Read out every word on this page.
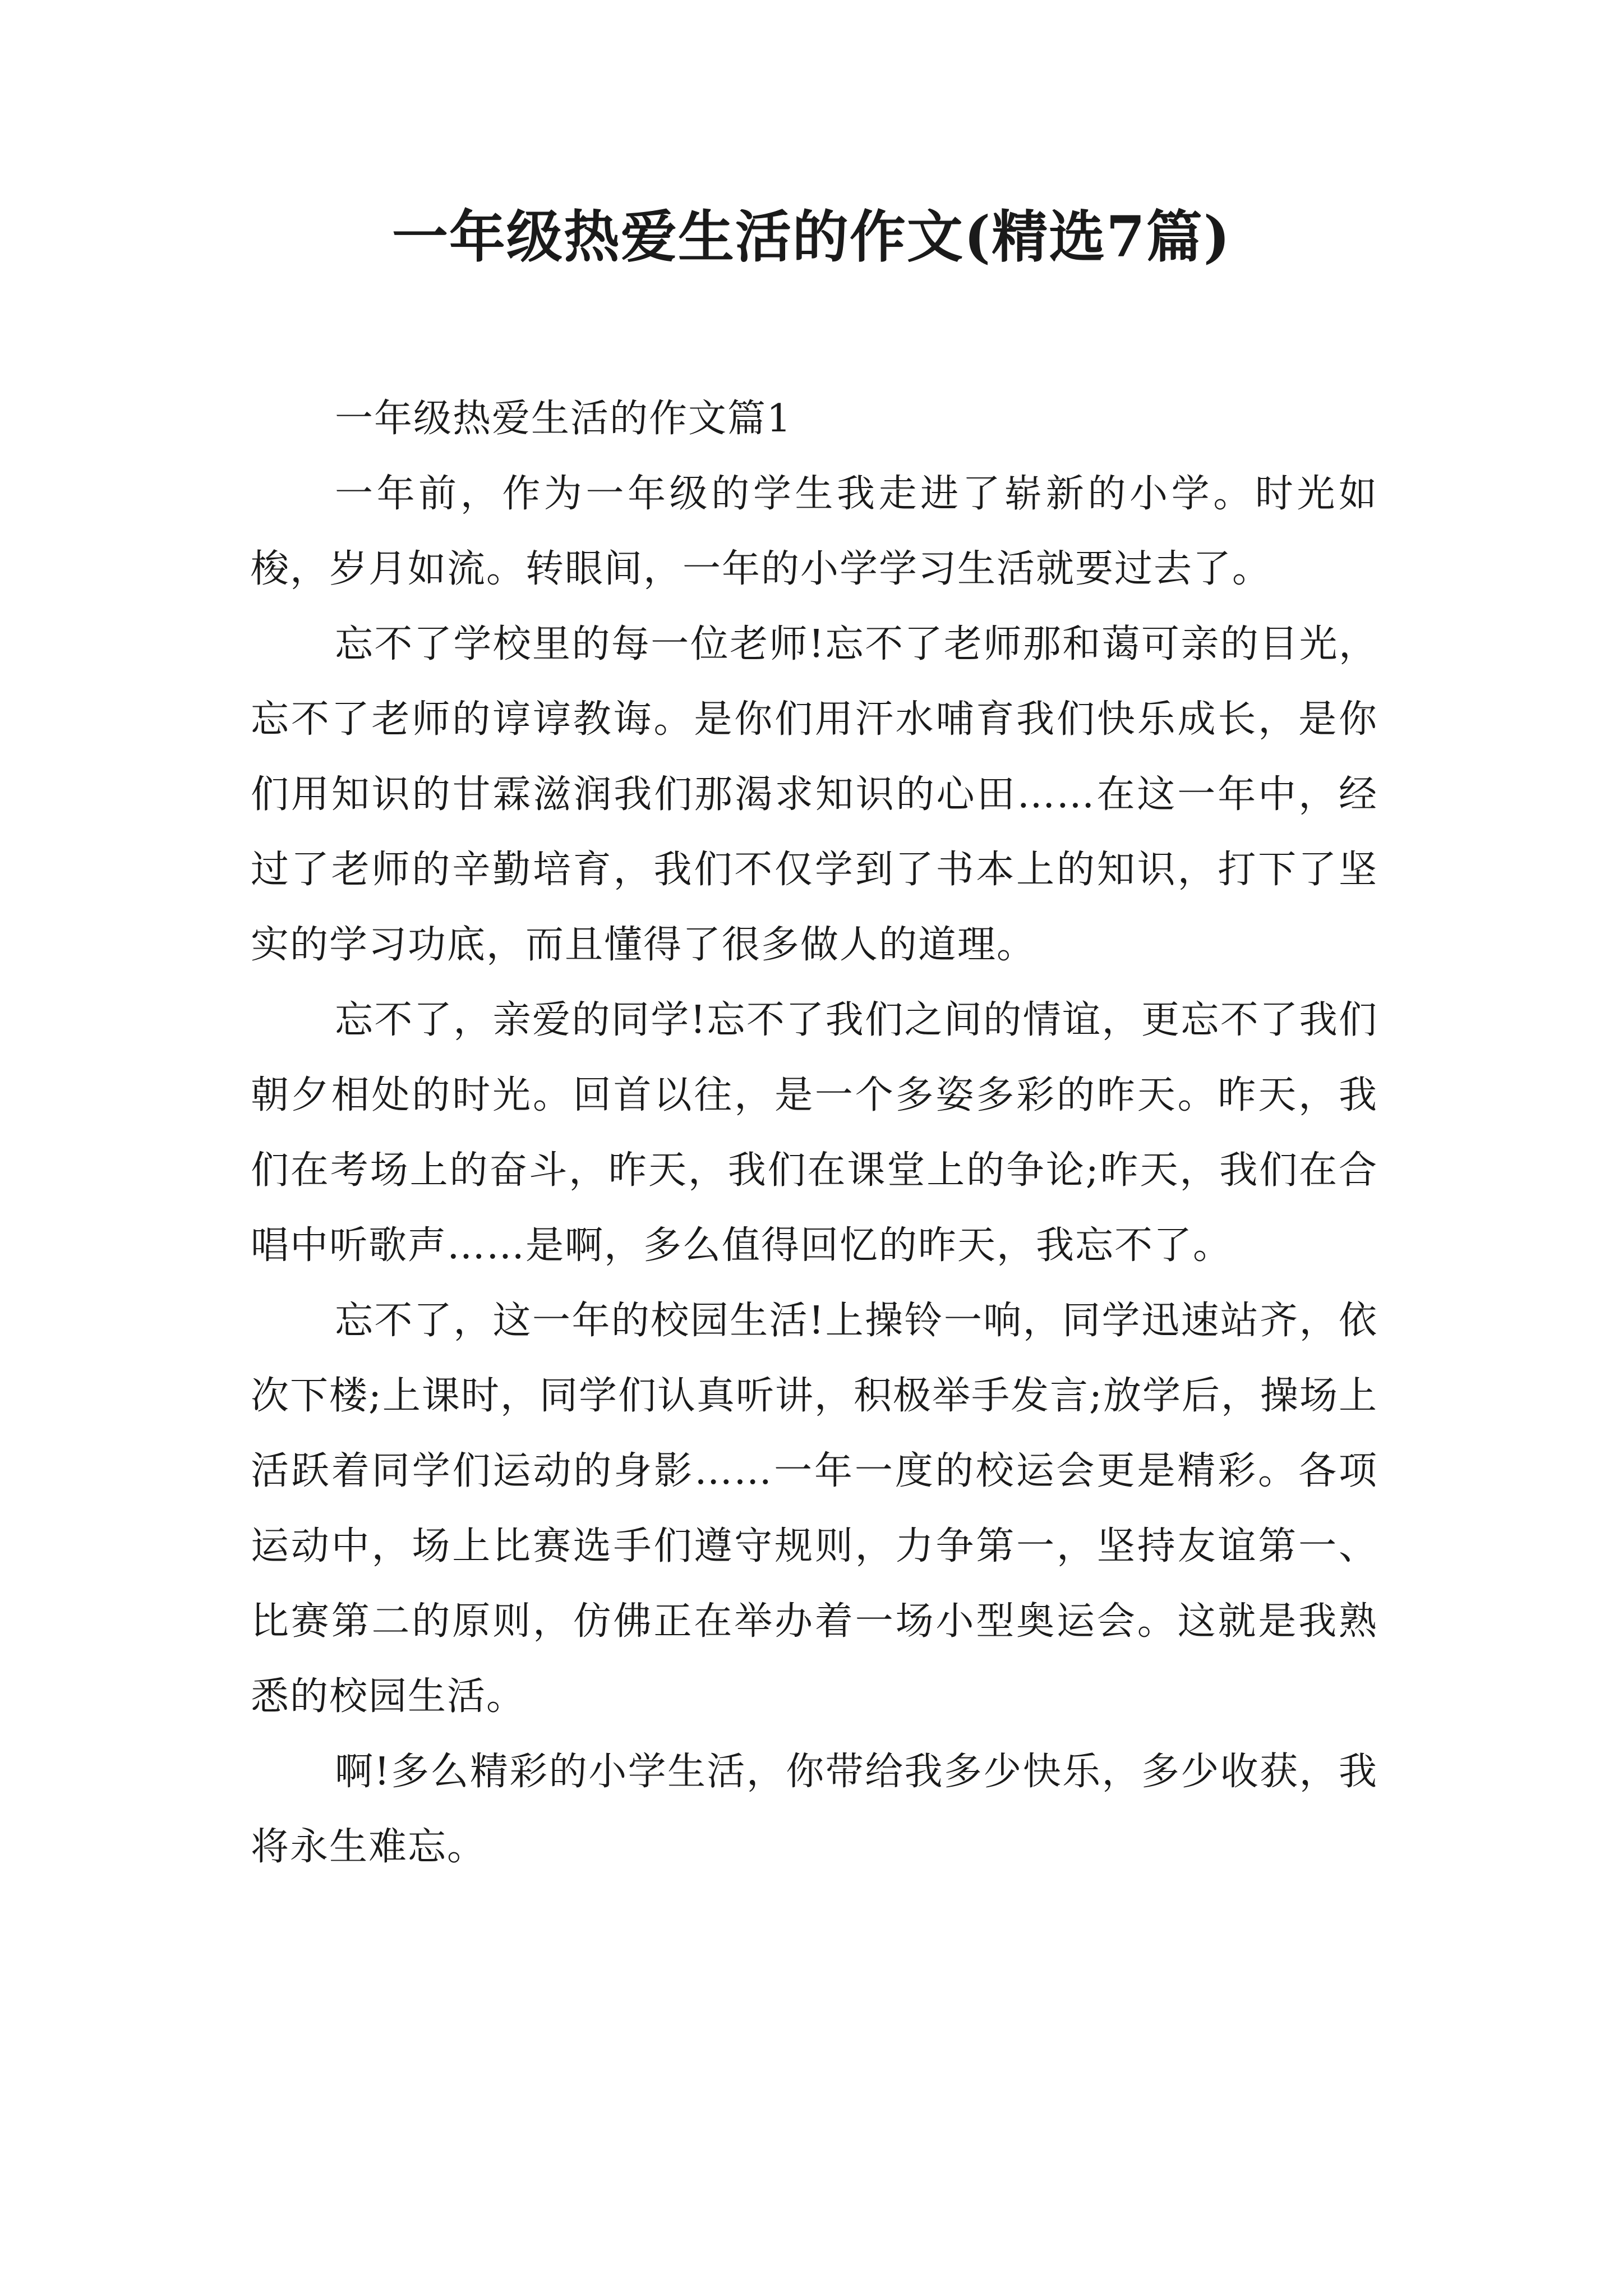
一年级热爱生活的作文(精选7篇)
一年级热爱生活的作文篇1

一年前，作为一年级的学生我走进了崭新的小学。时光如梭，岁月如流。转眼间，一年的小学学习生活就要过去了。

忘不了学校里的每一位老师!忘不了老师那和蔼可亲的目光，忘不了老师的谆谆教诲。是你们用汗水哺育我们快乐成长，是你们用知识的甘霖滋润我们那渴求知识的心田……在这一年中，经过了老师的辛勤培育，我们不仅学到了书本上的知识，打下了坚实的学习功底，而且懂得了很多做人的道理。

忘不了，亲爱的同学!忘不了我们之间的情谊，更忘不了我们朝夕相处的时光。回首以往，是一个多姿多彩的昨天。昨天，我们在考场上的奋斗，昨天，我们在课堂上的争论;昨天，我们在合唱中听歌声……是啊，多么值得回忆的昨天，我忘不了。

忘不了，这一年的校园生活!上操铃一响，同学迅速站齐，依次下楼;上课时，同学们认真听讲，积极举手发言;放学后，操场上活跃着同学们运动的身影……一年一度的校运会更是精彩。各项运动中，场上比赛选手们遵守规则，力争第一，坚持友谊第一、比赛第二的原则，仿佛正在举办着一场小型奥运会。这就是我熟悉的校园生活。

啊!多么精彩的小学生活，你带给我多少快乐，多少收获，我将永生难忘。
